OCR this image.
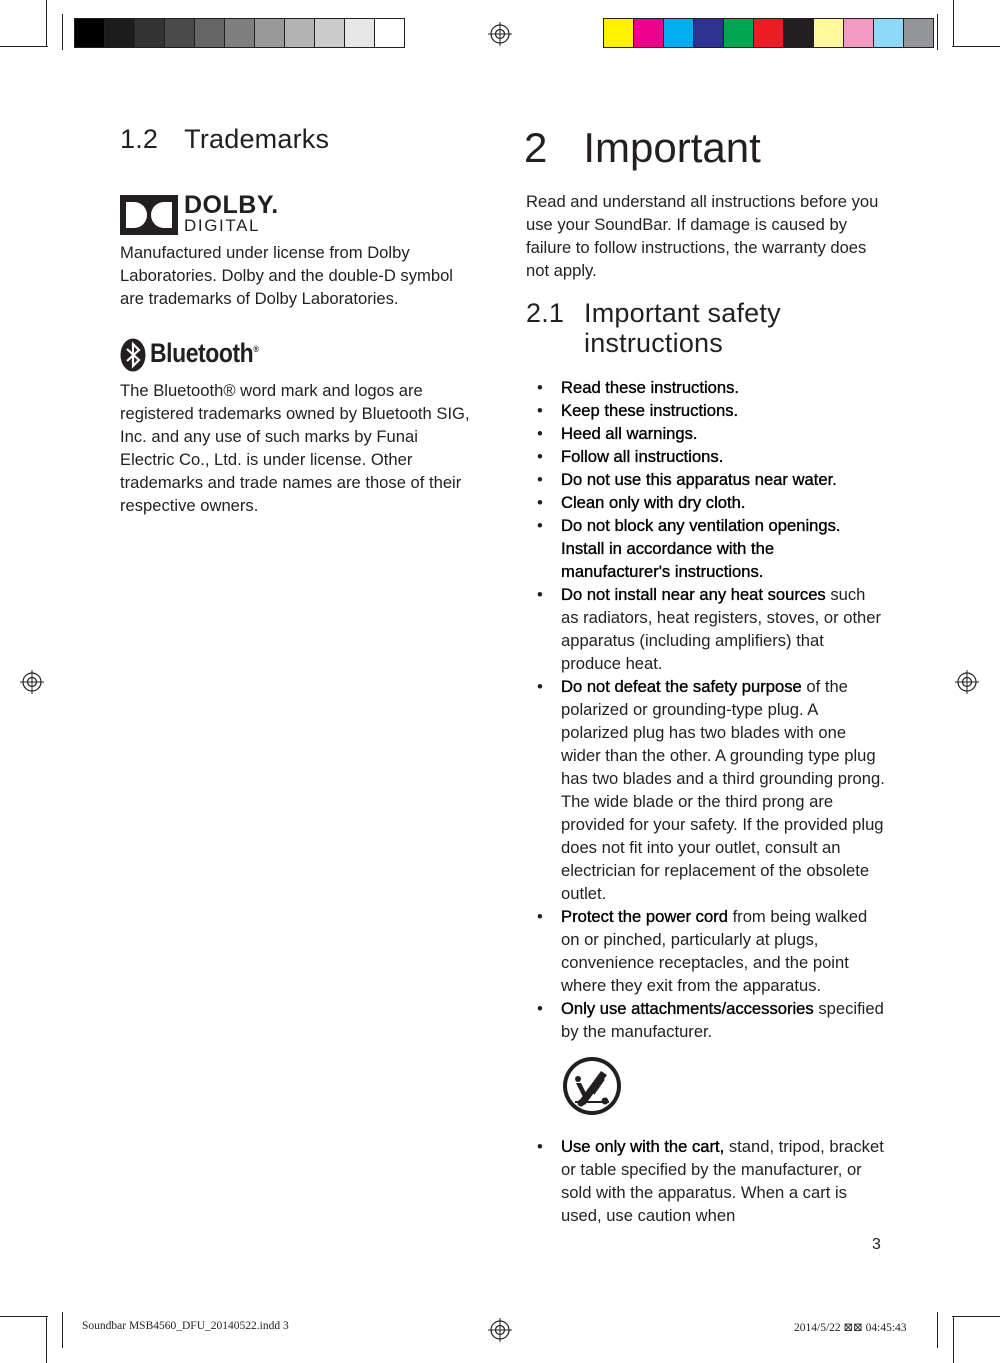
1.2 Trademarks
DOLBY.
DIGITAL
Manufactured under license from Dolby Laboratories. Dolby and the double-D symbol are trademarks of Dolby Laboratories.
Bluetooth®
The Bluetooth® word mark and logos are registered trademarks owned by Bluetooth SIG, Inc. and any use of such marks by Funai Electric Co., Ltd. is under license. Other trademarks and trade names are those of their respective owners.
2 Important
Read and understand all instructions before you use your SoundBar. If damage is caused by failure to follow instructions, the warranty does not apply.
2.1 Important safety
instructions
• Read these instructions.
• Keep these instructions.
• Heed all warnings.
• Follow all instructions.
• Do not use this apparatus near water.
• Clean only with dry cloth.
• Do not block any ventilation openings. Install in accordance with the manufacturer's instructions.
• Do not install near any heat sources such as radiators, heat registers, stoves, or other apparatus (including amplifiers) that produce heat.
• Do not defeat the safety purpose of the polarized or grounding-type plug. A polarized plug has two blades with one wider than the other. A grounding type plug has two blades and a third grounding prong. The wide blade or the third prong are provided for your safety. If the provided plug does not fit into your outlet, consult an electrician for replacement of the obsolete outlet.
• Protect the power cord from being walked on or pinched, particularly at plugs, convenience receptacles, and the point where they exit from the apparatus.
• Only use attachments/accessories specified by the manufacturer.
• Use only with the cart, stand, tripod, bracket or table specified by the manufacturer, or sold with the apparatus. When a cart is used, use caution when
3
Soundbar MSB4560_DFU_20140522.indd 3	2014/5/22 ⊠⊠ 04:45:43
